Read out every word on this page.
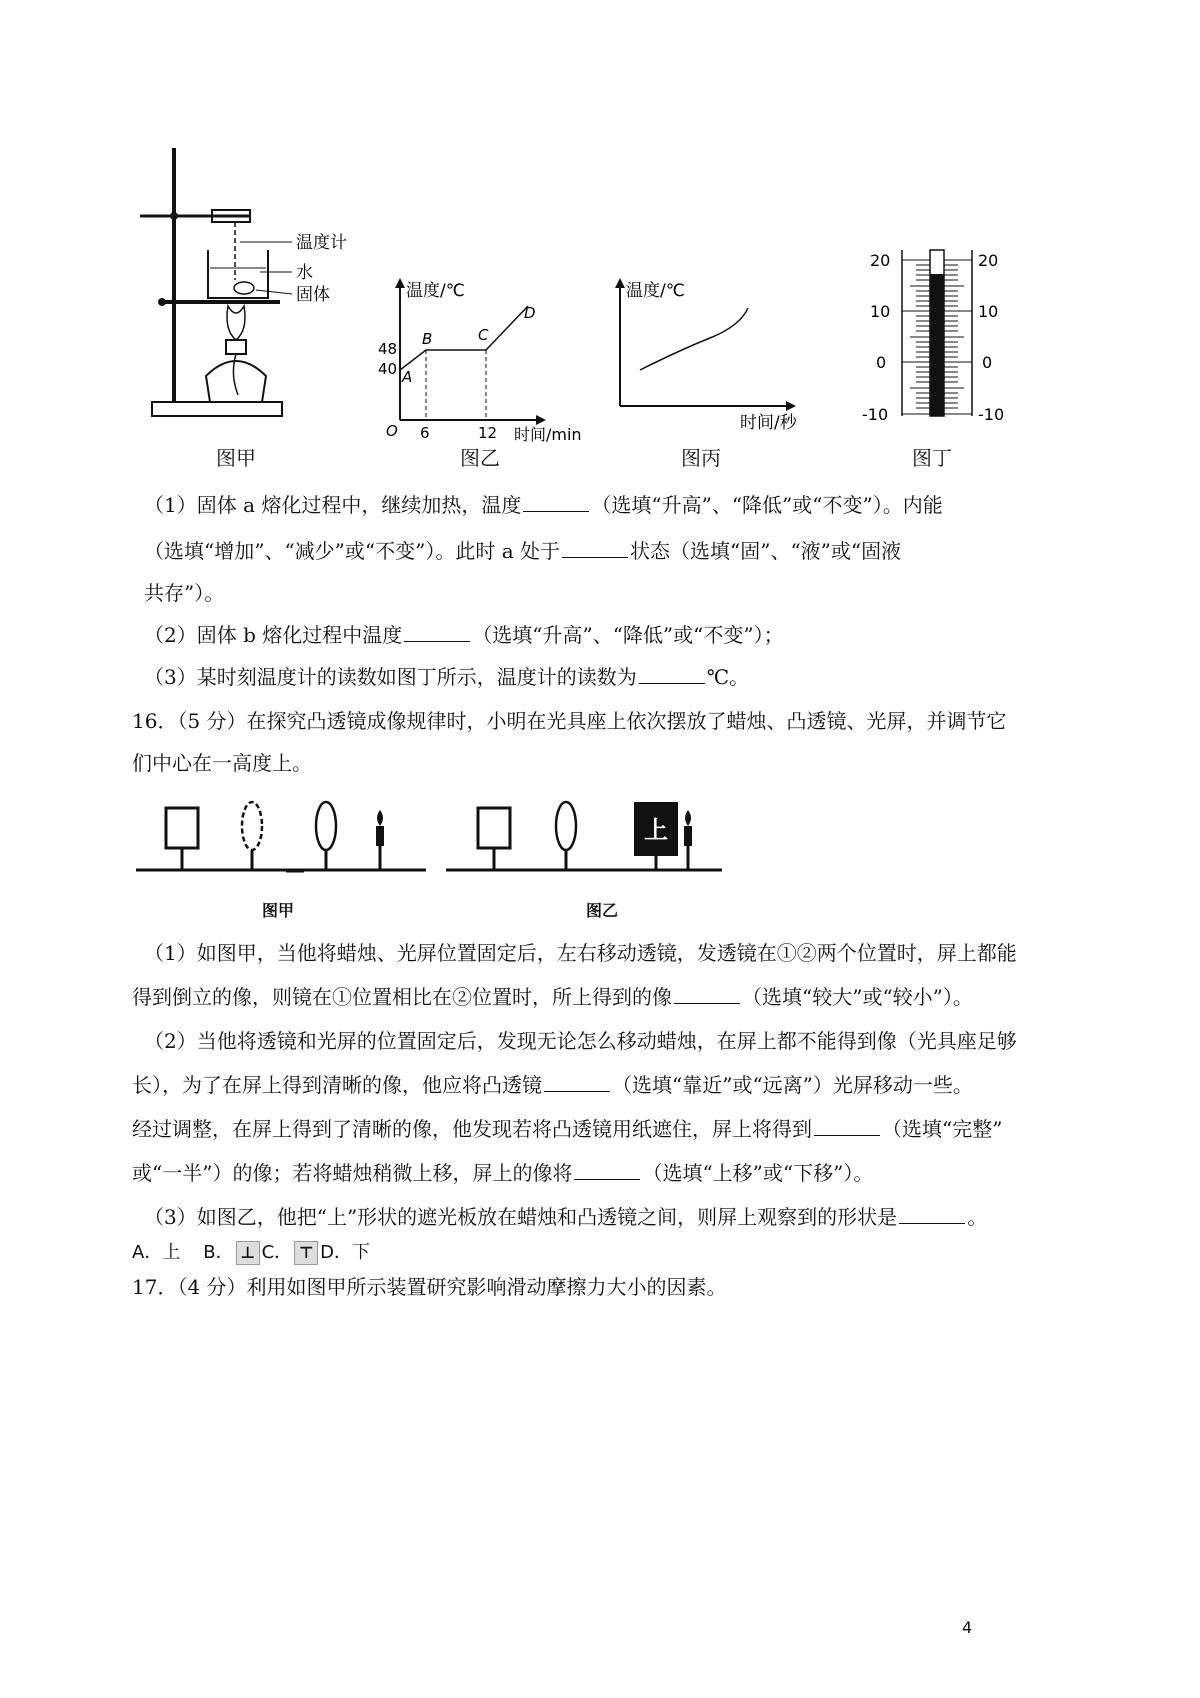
温度计
水
固体
图甲
温度/℃
时间/min
O
48
40
6	12
A
B	C
D
图乙
温度/℃
时间/秒
图丙
20
10
0
-10
20
10
0
-10
图丁
（1）固体 a 熔化过程中，继续加热，温度	（选填“升高”、“降低”或“不变”）。内能
（选填“增加”、“减少”或“不变”）。此时 a 处于	状态（选填“固”、“液”或“固液
共存”）。
（2）固体 b 熔化过程中温度	（选填“升高”、“降低”或“不变”）；
（3）某时刻温度计的读数如图丁所示，温度计的读数为	℃。
16．（5 分）在探究凸透镜成像规律时，小明在光具座上依次摆放了蜡烛、凸透镜、光屏，并调节它
们中心在一高度上。
图甲
上
图乙
（1）如图甲，当他将蜡烛、光屏位置固定后，左右移动透镜，发透镜在①②两个位置时，屏上都能
得到倒立的像，则镜在①位置相比在②位置时，所上得到的像	（选填“较大”或“较小”）。
（2）当他将透镜和光屏的位置固定后，发现无论怎么移动蜡烛，在屏上都不能得到像（光具座足够
长），为了在屏上得到清晰的像，他应将凸透镜	（选填“靠近”或“远离”）光屏移动一些。
经过调整，在屏上得到了清晰的像，他发现若将凸透镜用纸遮住，屏上将得到	（选填“完整”
或“一半”）的像；若将蜡烛稍微上移，屏上的像将	（选填“上移”或“下移”）。
（3）如图乙，他把“上”形状的遮光板放在蜡烛和凸透镜之间，则屏上观察到的形状是	。
A．上 B． ⊥ C． ⊤ D．下
17．（4 分）利用如图甲所示装置研究影响滑动摩擦力大小的因素。
4
